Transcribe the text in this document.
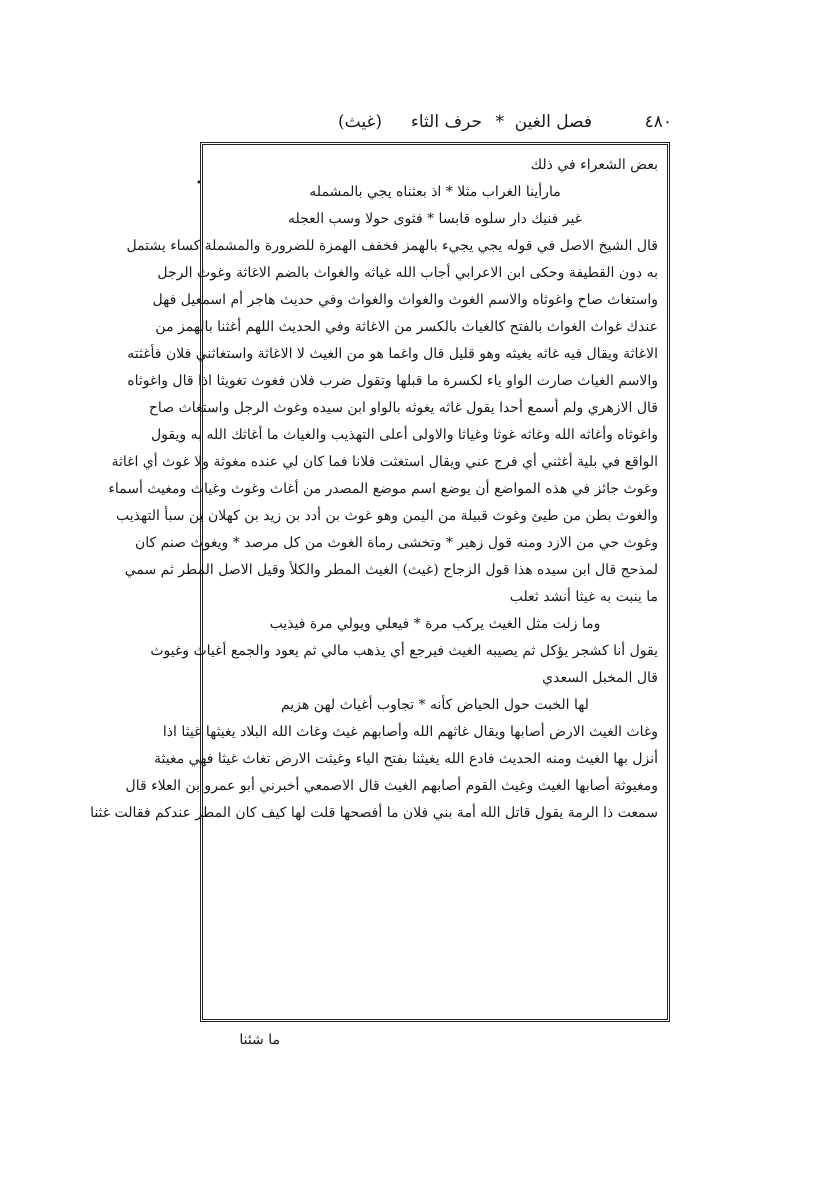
٤٨٠
فصل الغين
*
حرف الثاء
(غيث)
•
بعض الشعراء في ذلك
مارأينا الغراب مثلا * اذ بعثناه يجي بالمشمله
غير فنيك دار سلوه قابسا * فثوى حولا وسب العجله
قال الشيخ الاصل في قوله يجي يجيء بالهمز فخفف الهمزة للضرورة والمشملة كساء يشتمل
به دون القطيفة وحكى ابن الاعرابي أجاب الله غياثه والغواث بالضم الاغاثة وغوث الرجل
واستغاث صاح واغوثاه والاسم الغوث والغواث والغواث وفي حديث هاجر أم اسمعيل فهل
عندك غواث الغواث بالفتح كالغياث بالكسر من الاغاثة وفي الحديث اللهم أغثنا بالهمز من
الاغاثة ويقال فيه غاثه يغيثه وهو قليل قال واغما هو من الغيث لا الاغاثة واستغاثني فلان فأغثته
والاسم الغياث صارت الواو ياء لكسرة ما قبلها وتقول ضرب فلان فغوث تغويثا اذا قال واغوثاه
قال الازهري ولم أسمع أحدا يقول غاثه يغوثه بالواو ابن سيده وغوث الرجل واستغاث صاح
واغوثاه وأغاثه الله وغاثه غوثا وغياثا والاولى أعلى التهذيب والغياث ما أغاثك الله به ويقول
الواقع في بلية أغثني أي فرج عني ويقال استغثت فلانا فما كان لي عنده مغوثة ولا غوث أي اغاثة
وغوث جائز في هذه المواضع أن يوضع اسم موضع المصدر من أغاث وغوث وغياث ومغيث أسماء
والغوث بطن من طيئ وغوث قبيلة من اليمن وهو غوث بن أدد بن زيد بن كهلان بن سبأ التهذيب
وغوث حي من الازد ومنه قول زهير * وتخشى رماة الغوث من كل مرصد * ويغوث صنم كان
لمذحج قال ابن سيده هذا قول الزجاج (غيث) الغيث المطر والكلأ وقيل الاصل المطر ثم سمي
ما ينبت به غيثا أنشد ثعلب
وما زلت مثل الغيث يركب مرة * فيعلي ويولي مرة فيذيب
يقول أنا كشجر يؤكل ثم يصيبه الغيث فيرجع أي يذهب مالي ثم يعود والجمع أغياث وغيوث
قال المخبل السعدي
لها الخبت حول الحياض كأنه * تجاوب أغياث لهن هزيم
وغاث الغيث الارض أصابها ويقال غاثهم الله وأصابهم غيث وغاث الله البلاد يغيثها غيثا اذا
أنزل بها الغيث ومنه الحديث فادع الله يغيثنا بفتح الياء وغيثت الارض تغاث غيثا فهي مغيثة
ومغيوثة أصابها الغيث وغيث القوم أصابهم الغيث قال الاصمعي أخبرني أبو عمرو بن العلاء قال
سمعت ذا الرمة يقول قاتل الله أمة بني فلان ما أفصحها قلت لها كيف كان المطر عندكم فقالت غثنا
ما شئنا
